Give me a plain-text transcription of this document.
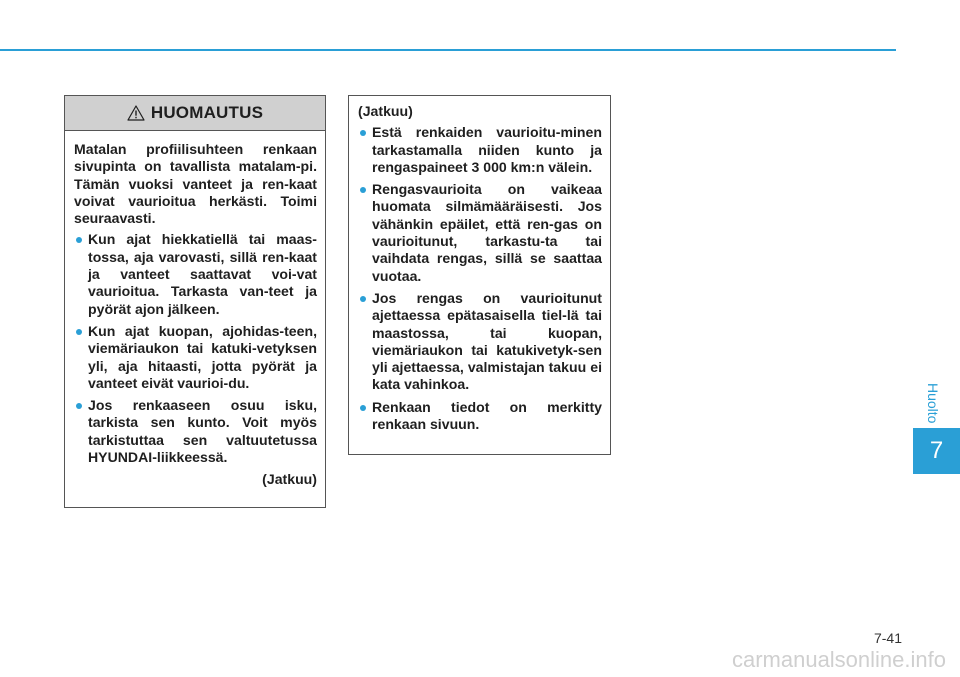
Huolto
7
HUOMAUTUS

Matalan profiilisuhteen renkaan sivupinta on tavallista matalam-pi. Tämän vuoksi vanteet ja ren-kaat voivat vaurioitua herkästi. Toimi seuraavasti.

Kun ajat hiekkatiellä tai maas-tossa, aja varovasti, sillä ren-kaat ja vanteet saattavat voi-vat vaurioitua. Tarkasta van-teet ja pyörät ajon jälkeen.

Kun ajat kuopan, ajohidas-teen, viemäriaukon tai katuki-vetyksen yli, aja hitaasti, jotta pyörät ja vanteet eivät vaurioi-du.

Jos renkaaseen osuu isku, tarkista sen kunto. Voit myös tarkistuttaa sen valtuutetussa HYUNDAI-liikkeessä.

(Jatkuu)

(Jatkuu)

Estä renkaiden vaurioitu-minen tarkastamalla niiden kunto ja rengaspaineet 3 000 km:n välein.

Rengasvaurioita on vaikeaa huomata silmämääräisesti. Jos vähänkin epäilet, että ren-gas on vaurioitunut, tarkastu-ta tai vaihdata rengas, sillä se saattaa vuotaa.

Jos rengas on vaurioitunut ajettaessa epätasaisella tiel-lä tai maastossa, tai kuopan, viemäriaukon tai katukivetyk-sen yli ajettaessa, valmistajan takuu ei kata vahinkoa.

Renkaan tiedot on merkitty renkaan sivuun.

7-41
carmanualsonline.info
